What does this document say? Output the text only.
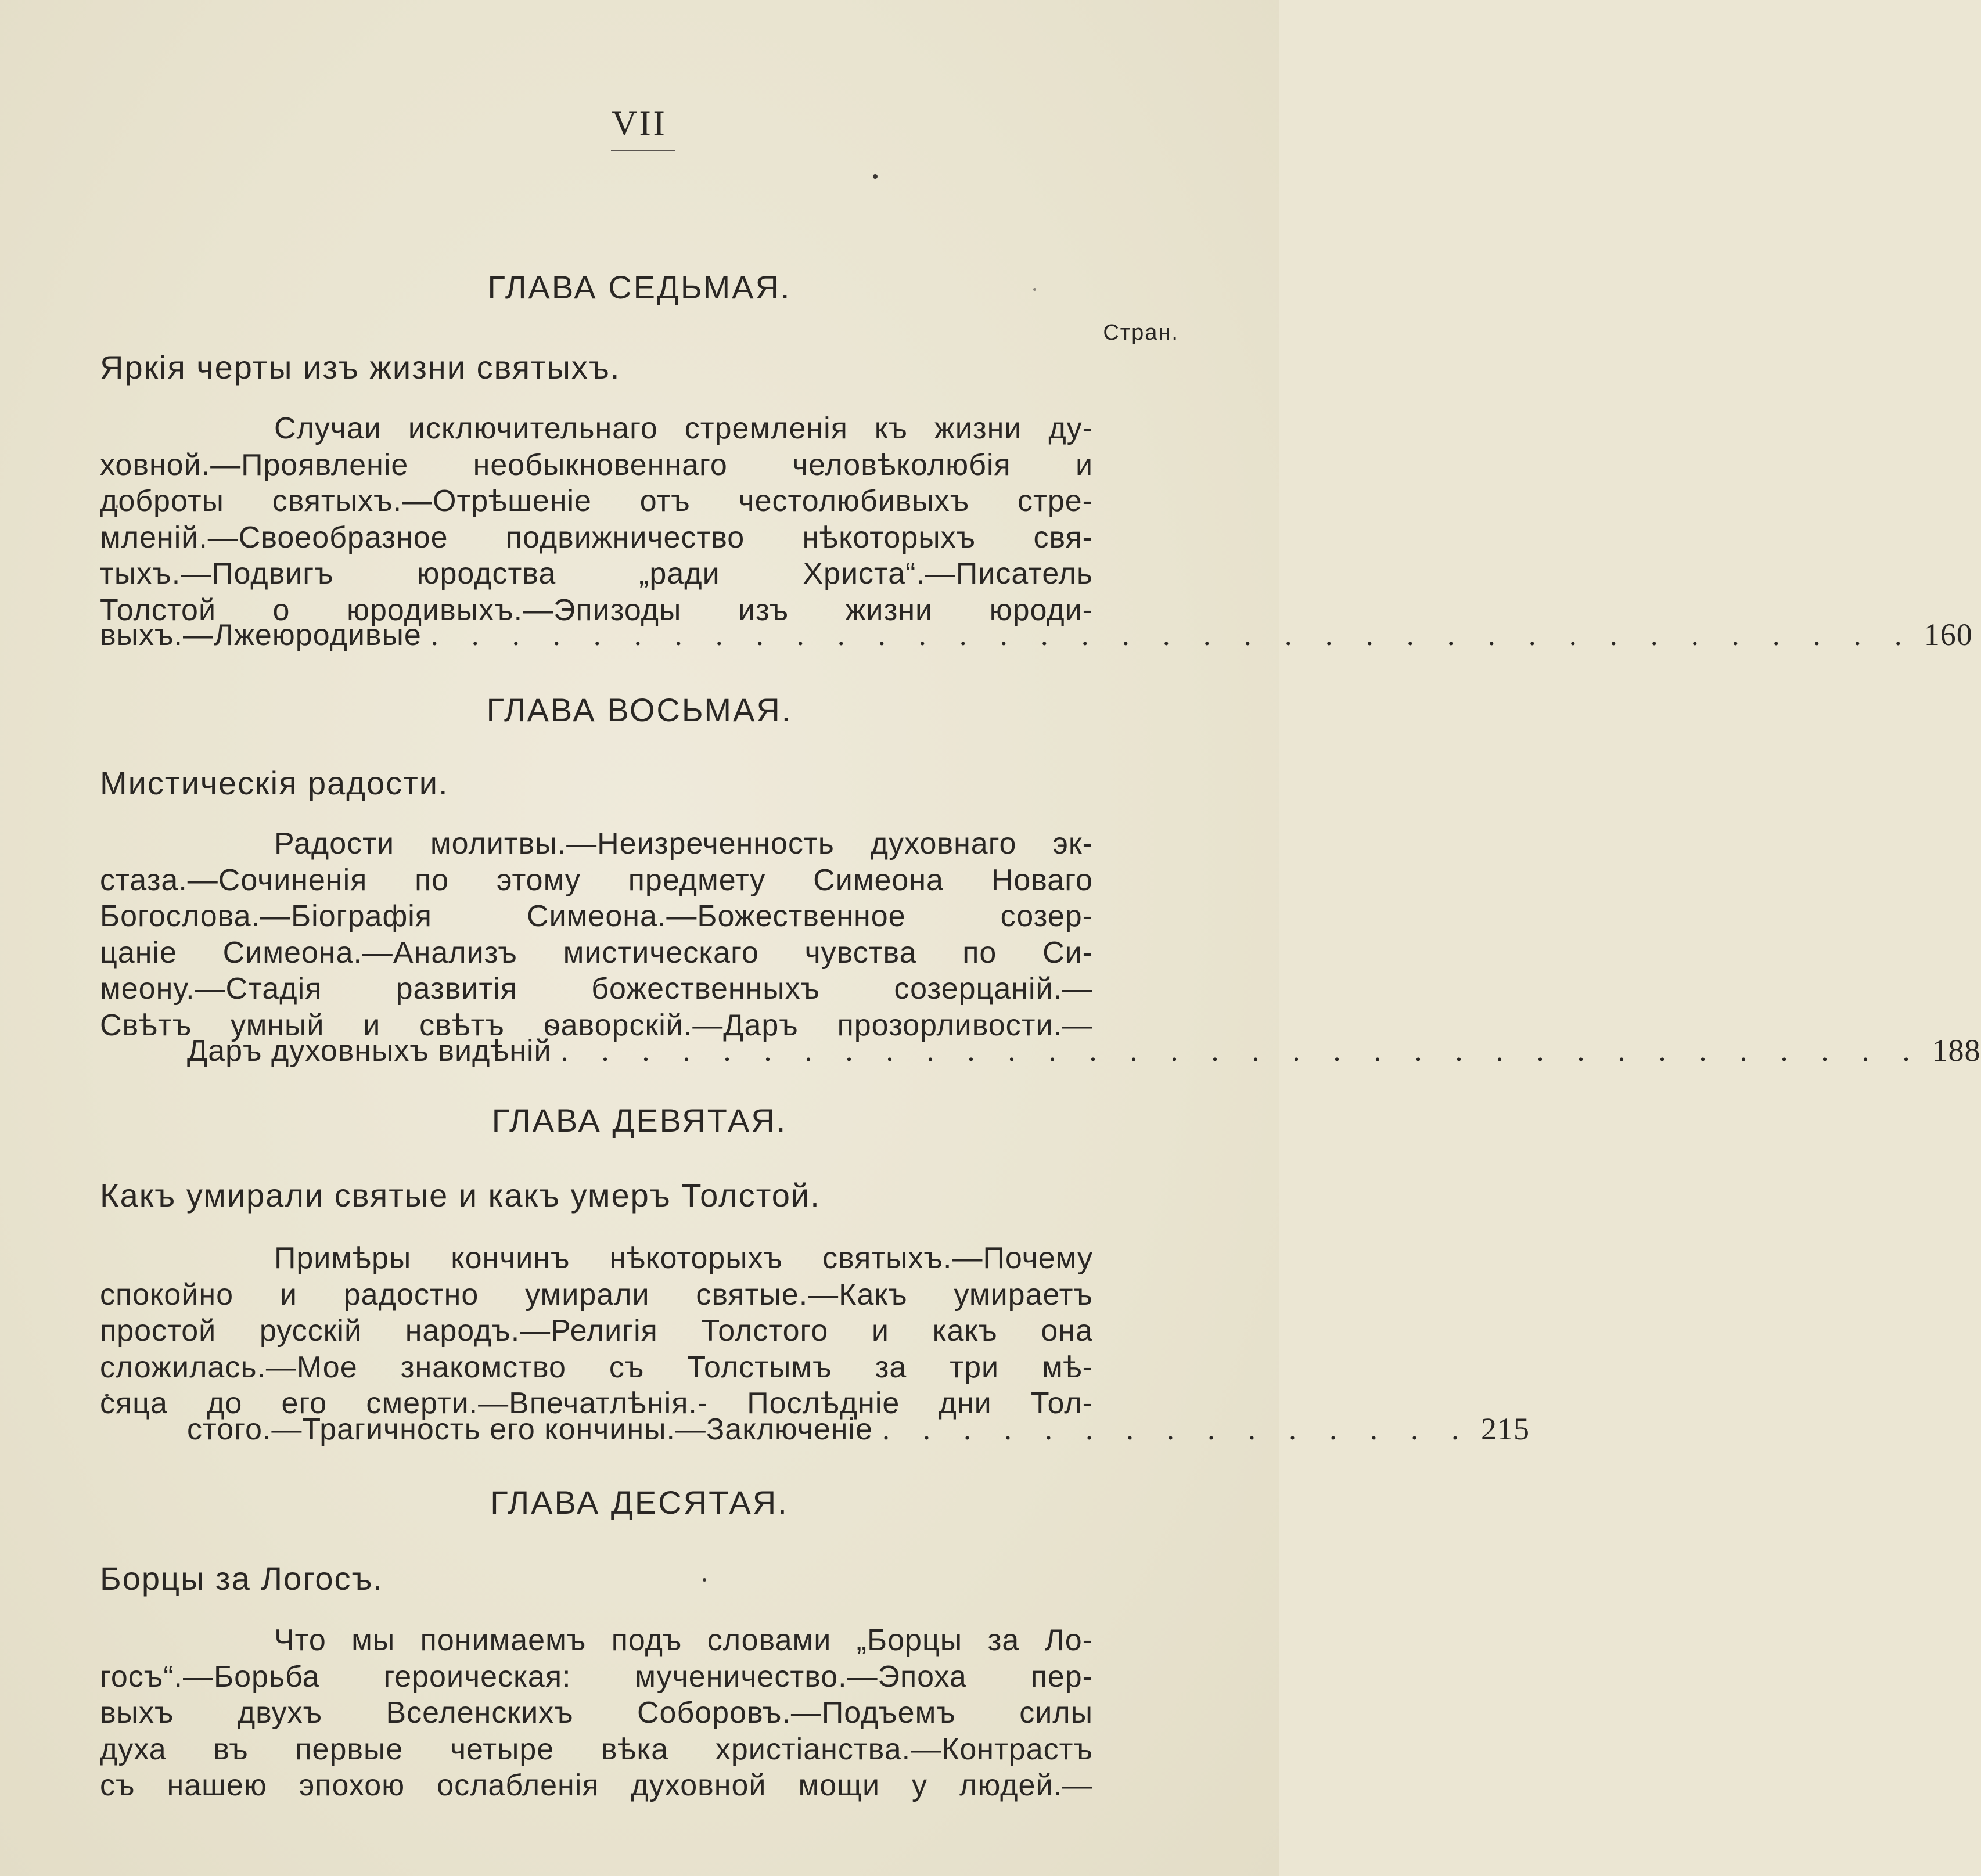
VII
ГЛАВА СЕДЬМАЯ.
Стран.
Яркія черты изъ жизни святыхъ.
Случаи исключительнаго стремленія къ жизни ду-
ховной.—Проявленіе необыкновеннаго человѣколюбія и
доброты святыхъ.—Отрѣшеніе отъ честолюбивыхъ стре-
мленій.—Своеобразное подвижничество нѣкоторыхъ свя-
тыхъ.—Подвигъ	юродства	„ради	Христа“.—Писатель
Толстой о юродивыхъ.—Эпизоды изъ жизни юроди-
выхъ.—Лжеюродивые . . . . . . . . . . . . . . . . . . . . . . . . . . . . . . . . . . . . . 160
ГЛАВА ВОСЬМАЯ.
Мистическія радости.
Радости молитвы.—Неизреченность духовнаго эк-
стаза.—Сочиненія по этому предмету Симеона Новаго
Богослова.—Біографія	Симеона.—Божественное	созер-
цаніе Симеона.—Анализъ мистическаго чувства по Си-
меону.—Стадія развитія божественныхъ созерцаній.—
Свѣтъ умный и свѣтъ ѳаворскій.—Даръ прозорливости.—
Даръ духовныхъ видѣній . . . . . . . . . . . . . . . . . . . . . . . . . . . . . . . . . . 188
ГЛАВА ДЕВЯТАЯ.
Какъ умирали святые и какъ умеръ Толстой.
Примѣры кончинъ нѣкоторыхъ святыхъ.—Почему
спокойно и радостно умирали святые.—Какъ умираетъ
простой русскій народъ.—Религія Толстого и какъ она
сложилась.—Мое знакомство съ Толстымъ за три мѣ-
сяца до его смерти.—Впечатлѣнія.- Послѣдніе дни Тол-
стого.—Трагичность его кончины.—Заключеніе . . . . . . . . . . . . . . . 215
ГЛАВА ДЕСЯТАЯ.
Борцы за Логосъ.
Что мы понимаемъ подъ словами „Борцы за Ло-
госъ“.—Борьба героическая: мученичество.—Эпоха пер-
выхъ двухъ Вселенскихъ Соборовъ.—Подъемъ силы
духа въ первые четыре вѣка христіанства.—Контрастъ
съ нашею эпохою ослабленія духовной мощи у людей.—
